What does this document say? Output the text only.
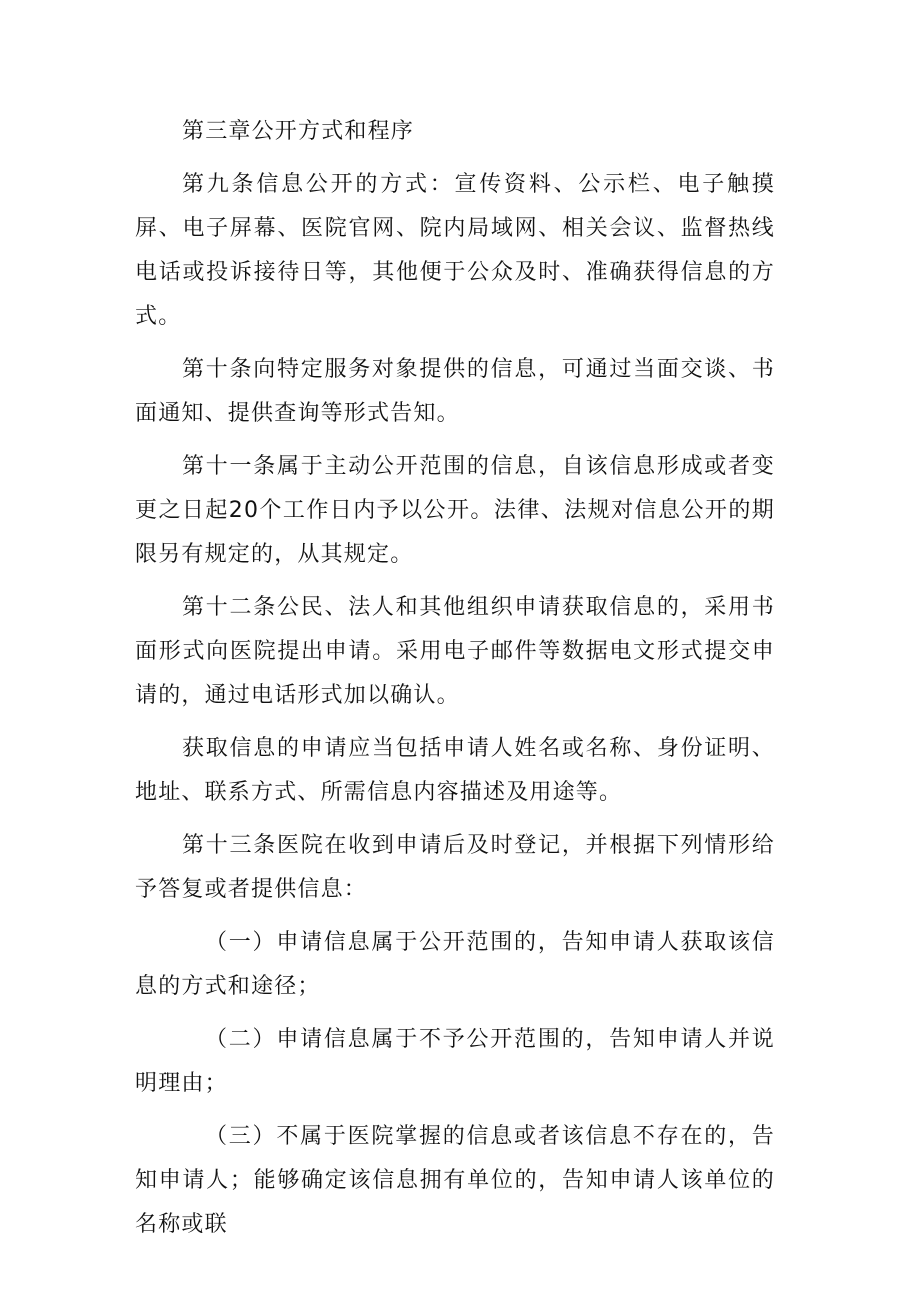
第三章公开方式和程序

第九条信息公开的方式：宣传资料、公示栏、电子触摸屏、电子屏幕、医院官网、院内局域网、相关会议、监督热线电话或投诉接待日等，其他便于公众及时、准确获得信息的方式。

第十条向特定服务对象提供的信息，可通过当面交谈、书面通知、提供查询等形式告知。

第十一条属于主动公开范围的信息，自该信息形成或者变更之日起20个工作日内予以公开。法律、法规对信息公开的期限另有规定的，从其规定。

第十二条公民、法人和其他组织申请获取信息的，采用书面形式向医院提出申请。采用电子邮件等数据电文形式提交申请的，通过电话形式加以确认。

获取信息的申请应当包括申请人姓名或名称、身份证明、地址、联系方式、所需信息内容描述及用途等。

第十三条医院在收到申请后及时登记，并根据下列情形给予答复或者提供信息：

（一）申请信息属于公开范围的，告知申请人获取该信息的方式和途径；

（二）申请信息属于不予公开范围的，告知申请人并说明理由；

（三）不属于医院掌握的信息或者该信息不存在的，告知申请人；能够确定该信息拥有单位的，告知申请人该单位的名称或联
